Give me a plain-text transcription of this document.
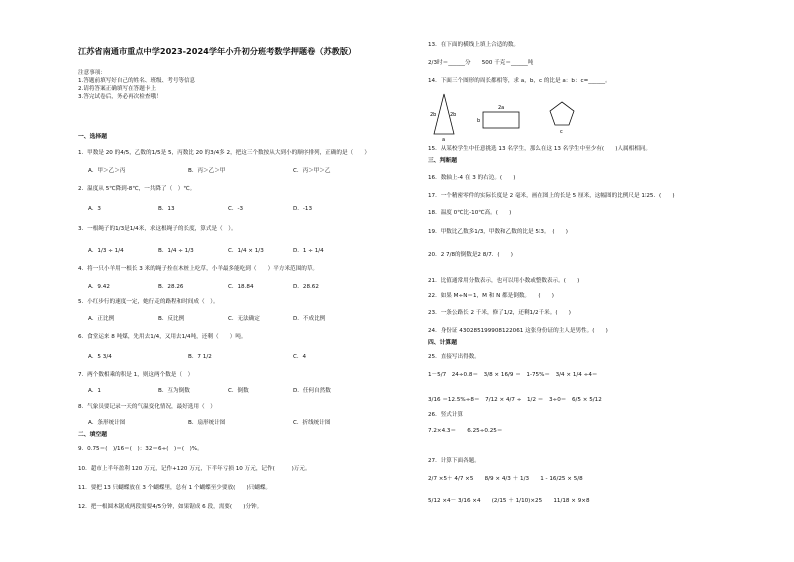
江苏省南通市重点中学2023-2024学年小升初分班考数学押题卷（苏教版）
注意事项：
1.答题前填写好自己的姓名、班级、考号等信息
2.请将答案正确填写在答题卡上
3.答完试卷后，务必再次检查哦！
一、选择题
1．甲数是 20 的4/5，乙数的1/5是 5，丙数比 20 的3/4多 2，把这三个数按从大到小的顺序排列，正确的是（　　）
A．甲＞乙＞丙	B．丙＞乙＞甲	C．丙＞甲＞乙
2．温度从 5℃降到-8℃，一共降了（　）℃。
A．3	B．13	C．-3	D．-13
3．一根绳子的1/3是1/4米，求这根绳子的长度，算式是（　）。
A．1/3 ÷ 1/4	B．1/4 ÷ 1/3	C．1/4 × 1/3	D．1 ÷ 1/4
4．将一只小羊用一根长 3 米的绳子拴在木桩上吃草，小羊最多能吃到（　　）平方米范围的草。
A．9.42	B．28.26	C．18.84	D．28.62
5．小红步行的速度一定，她行走的路程和时间成（　）。
A．正比例	B．反比例	C．无法确定	D．不成比例
6．食堂运来 8 吨煤，先用去1/4，又用去1/4吨，还剩（　　）吨。
A．5 3/4	B．7 1/2	C．4
7．两个数相乘的积是 1，则这两个数是（　）
A．1	B．互为倒数	C．倒数	D．任何自然数
8．气象员要记录一天的气温变化情况，最好选用（　）
A．条形统计图	B．扇形统计图	C．折线统计图
二、填空题
9．0.75＝(　)/16＝(　)：32＝6÷(　)＝(　)%。
10．超市上半年盈利 120 万元，记作+120 万元，下半年亏损 10 万元，记作(　　　)万元。
11．要把 13 只蝴蝶放在 3 个蝴蝶里，总有 1 个蝴蝶至少要放(　　)只蝴蝶。
12．把一根圆木锯成两段需要4/5分钟，如果锯成 6 段，需要(　　)分钟。
13．在下面的横线上填上合适的数。
2/3时＝______分　　500 千克＝______吨
14．下面三个图形的周长都相等，求 a，b，c 的比是 a：b：c=______。
2b	2b
a
2a
b
c
15．从某校学生中任意挑选 13 名学生，那么在这 13 名学生中至少有(　　)人属相相同。
三、判断题
16．数轴上-4 在 3 的右边。(　　)
17．一个精密零件的实际长度是 2 毫米，画在图上的长是 5 厘米，这幅图的比例尺是 1∶25．(　　)
18．温度 0℃比-10℃高。(　　)
19．甲数比乙数多1/3，甲数和乙数的比是 5∶3。　(　　)
20．2 7/8的倒数是2 8/7．(　　)
21．比值通常用分数表示，也可以用小数或整数表示。(　　)
22．如果 M÷N＝1，M 和 N 都是倒数。　　(　　)
23．一条公路长 2 千米，修了1/2，还剩1/2千米。(　　)
24．身份证 430285199908122061 这张身份证的主人是男性。(　　)
四、计算题
25．直接写出得数。
1－5/7　24÷0.8＝　3/8 × 16/9 ＝　1-75%＝　3/4 × 1/4 ÷4＝
3/16 ＝12.5%÷8＝　7/12 × 4/7 ÷　1/2 ＝　3÷0＝　6/5 × 5/12
26．竖式计算
7.2×4.3＝　　6.25÷0.25＝
27．计算下面各题。
2/7 ×5＋ 4/7 ×5　　8/9 × 4/3 ＋ 1/3　　1 - 16/25 × 5/8
5/12 ×4－ 3/16 ×4　　(2/15 ＋ 1/10)×25　　11/18 × 9×8
